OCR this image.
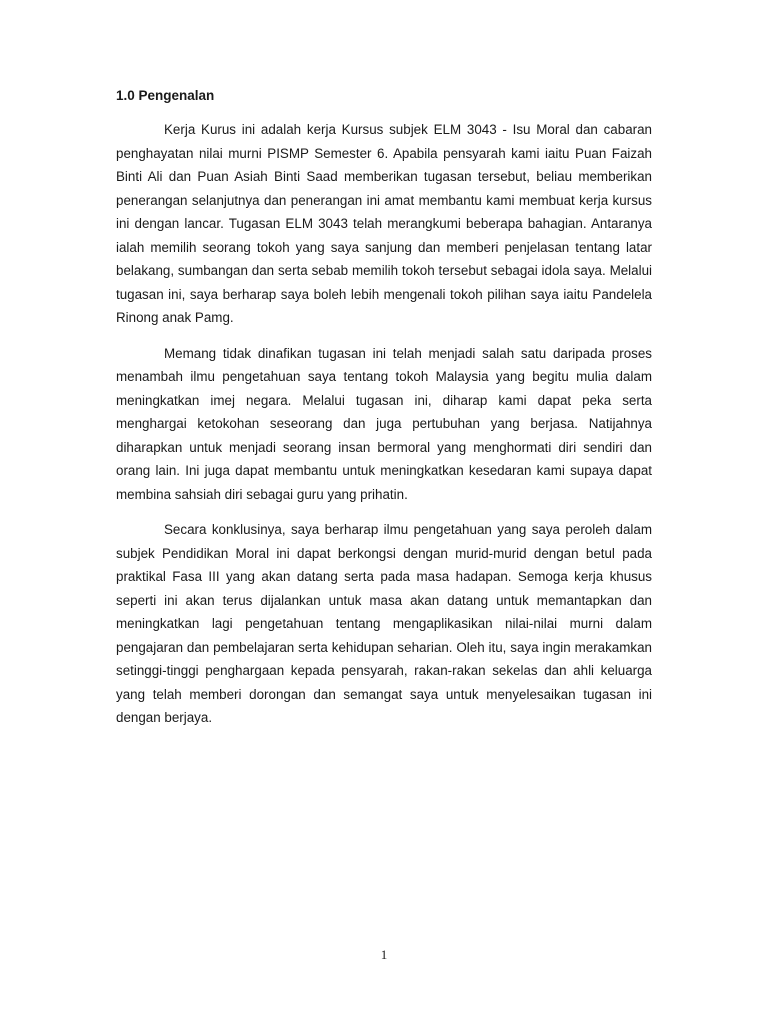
1.0 Pengenalan

Kerja Kurus ini adalah kerja Kursus subjek ELM 3043 - Isu Moral dan cabaran penghayatan nilai murni PISMP Semester 6. Apabila pensyarah kami iaitu Puan Faizah Binti Ali dan Puan Asiah Binti Saad memberikan tugasan tersebut, beliau memberikan penerangan selanjutnya dan penerangan ini amat membantu kami membuat kerja kursus ini dengan lancar. Tugasan ELM 3043 telah merangkumi beberapa bahagian. Antaranya ialah memilih seorang tokoh yang saya sanjung dan memberi penjelasan tentang latar belakang, sumbangan dan serta sebab memilih tokoh tersebut sebagai idola saya. Melalui tugasan ini, saya berharap saya boleh lebih mengenali tokoh pilihan saya iaitu Pandelela Rinong anak Pamg.

Memang tidak dinafikan tugasan ini telah menjadi salah satu daripada proses menambah ilmu pengetahuan saya tentang tokoh Malaysia yang begitu mulia dalam meningkatkan imej negara. Melalui tugasan ini, diharap kami dapat peka serta menghargai ketokohan seseorang dan juga pertubuhan yang berjasa. Natijahnya diharapkan untuk menjadi seorang insan bermoral yang menghormati diri sendiri dan orang lain. Ini juga dapat membantu untuk meningkatkan kesedaran kami supaya dapat membina sahsiah diri sebagai guru yang prihatin.

Secara konklusinya, saya berharap ilmu pengetahuan yang saya peroleh dalam subjek Pendidikan Moral ini dapat berkongsi dengan murid-murid dengan betul pada praktikal Fasa III yang akan datang serta pada masa hadapan. Semoga kerja khusus seperti ini akan terus dijalankan untuk masa akan datang untuk memantapkan dan meningkatkan lagi pengetahuan tentang mengaplikasikan nilai-nilai murni dalam pengajaran dan pembelajaran serta kehidupan seharian. Oleh itu, saya ingin merakamkan setinggi-tinggi penghargaan kepada pensyarah, rakan-rakan sekelas dan ahli keluarga yang telah memberi dorongan dan semangat saya untuk menyelesaikan tugasan ini dengan berjaya.

1
